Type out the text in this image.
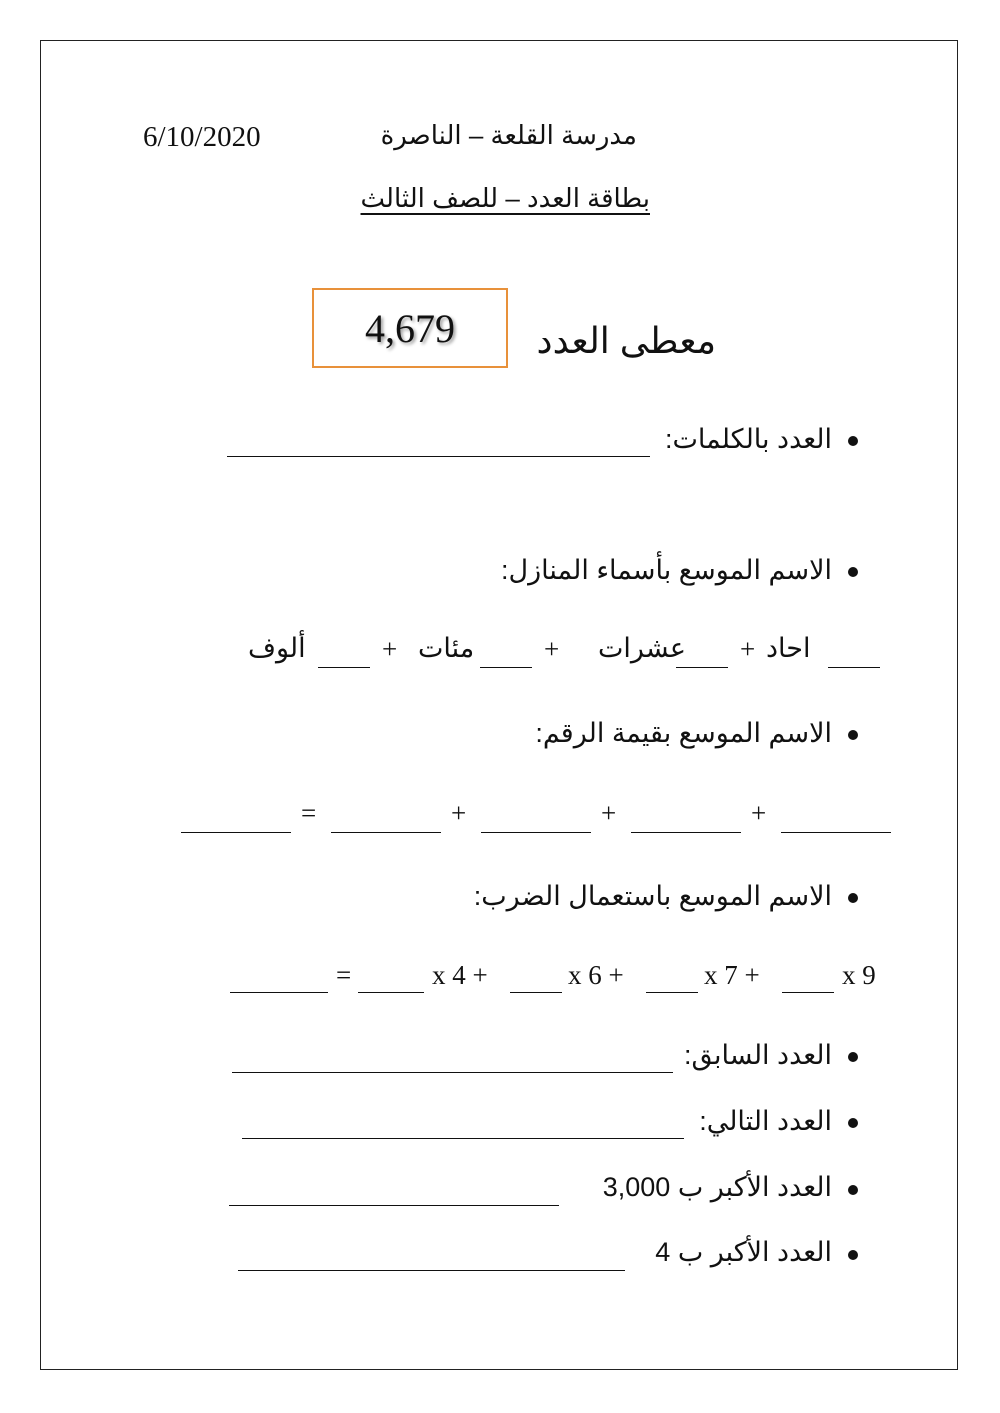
6/10/2020	مدرسة القلعة – الناصرة
بطاقة العدد – للصف الثالث
4,679 معطى العدد
العدد بالكلمات:
الاسم الموسع بأسماء المنازل:
احاد
+
عشرات
+
مئات
+
ألوف
الاسم الموسع بقيمة الرقم:
+
+
+
=
الاسم الموسع باستعمال الضرب:
x 9
x 7 +
x 6 +
x 4 +
=
العدد السابق:
العدد التالي:
العدد الأكبر ب 3,000
العدد الأكبر ب 4
